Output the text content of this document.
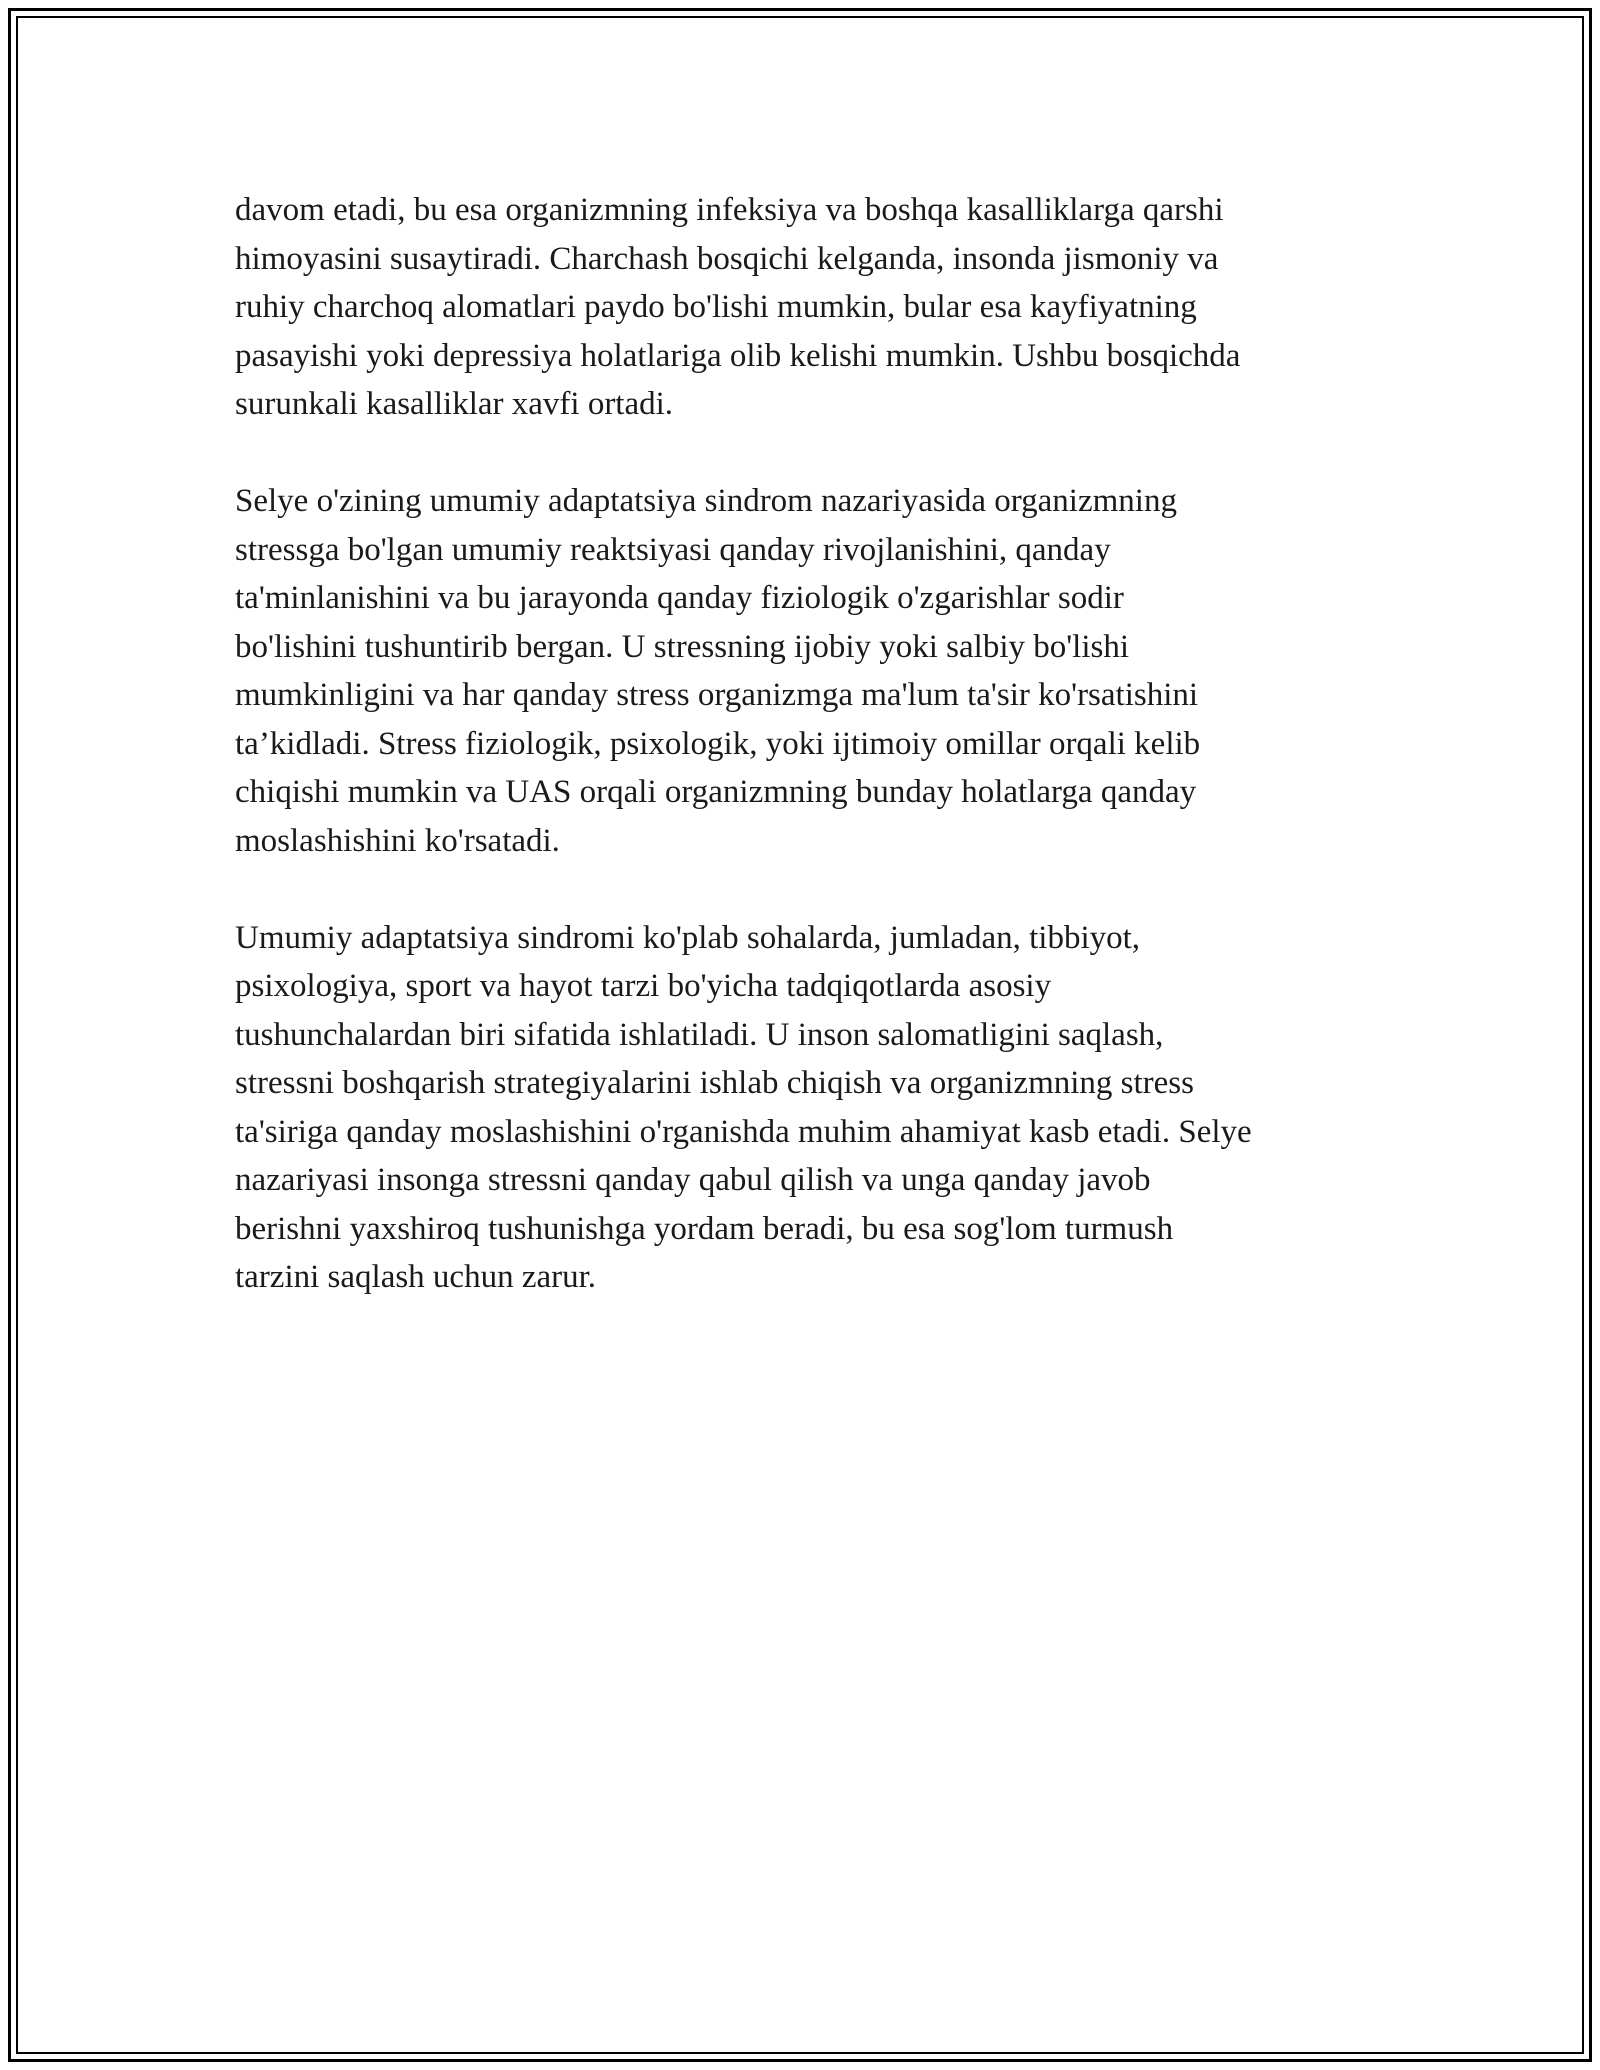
davom etadi, bu esa organizmning infeksiya va boshqa kasalliklarga qarshi
himoyasini susaytiradi. Charchash bosqichi kelganda, insonda jismoniy va
ruhiy charchoq alomatlari paydo bo'lishi mumkin, bular esa kayfiyatning
pasayishi yoki depressiya holatlariga olib kelishi mumkin. Ushbu bosqichda
surunkali kasalliklar xavfi ortadi.

Selye o'zining umumiy adaptatsiya sindrom nazariyasida organizmning
stressga bo'lgan umumiy reaktsiyasi qanday rivojlanishini, qanday
ta'minlanishini va bu jarayonda qanday fiziologik o'zgarishlar sodir
bo'lishini tushuntirib bergan. U stressning ijobiy yoki salbiy bo'lishi
mumkinligini va har qanday stress organizmga ma'lum ta'sir ko'rsatishini
ta’kidladi. Stress fiziologik, psixologik, yoki ijtimoiy omillar orqali kelib
chiqishi mumkin va UAS orqali organizmning bunday holatlarga qanday
moslashishini ko'rsatadi.

Umumiy adaptatsiya sindromi ko'plab sohalarda, jumladan, tibbiyot,
psixologiya, sport va hayot tarzi bo'yicha tadqiqotlarda asosiy
tushunchalardan biri sifatida ishlatiladi. U inson salomatligini saqlash,
stressni boshqarish strategiyalarini ishlab chiqish va organizmning stress
ta'siriga qanday moslashishini o'rganishda muhim ahamiyat kasb etadi. Selye
nazariyasi insonga stressni qanday qabul qilish va unga qanday javob
berishni yaxshiroq tushunishga yordam beradi, bu esa sog'lom turmush
tarzini saqlash uchun zarur.
